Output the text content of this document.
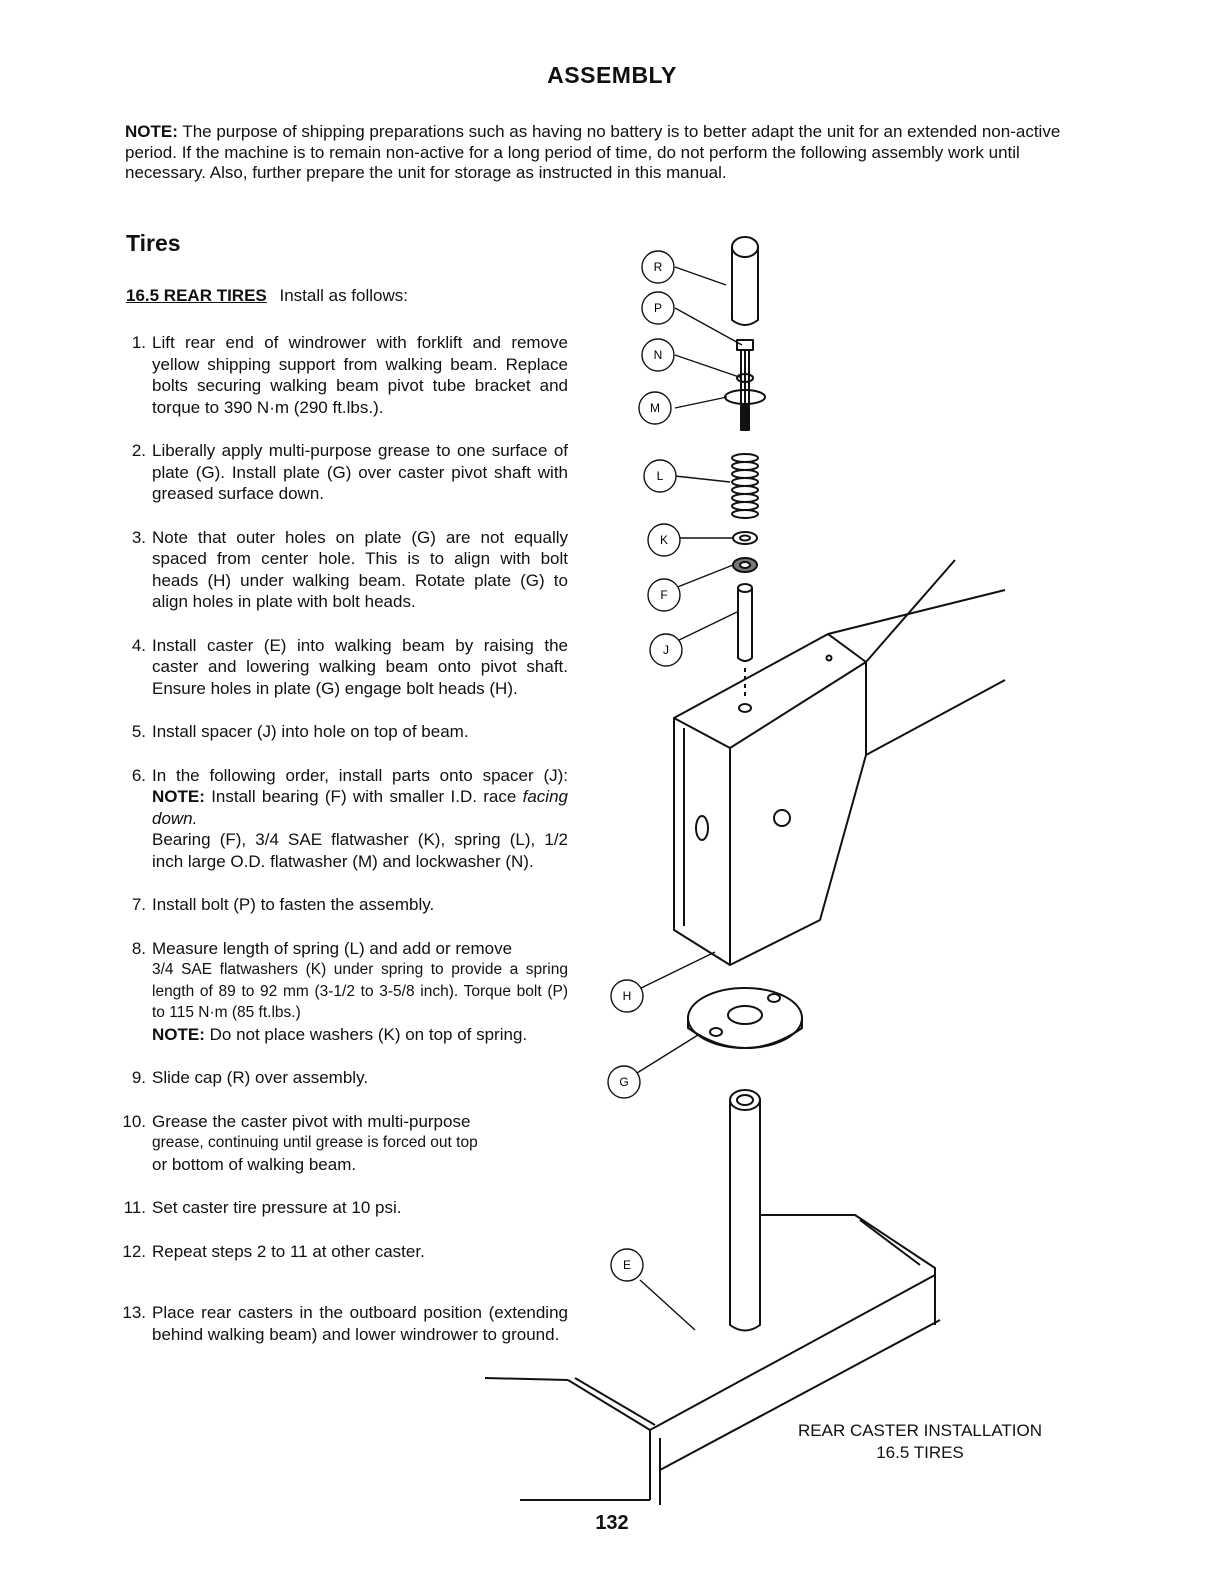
ASSEMBLY
NOTE: The purpose of shipping preparations such as having no battery is to better adapt the unit for an extended non-active period. If the machine is to remain non-active for a long period of time, do not perform the following assembly work until necessary. Also, further prepare the unit for storage as instructed in this manual.
Tires
16.5 REAR TIRES Install as follows:
1. Lift rear end of windrower with forklift and remove yellow shipping support from walking beam. Replace bolts securing walking beam pivot tube bracket and torque to 390 N·m (290 ft.lbs.).
2. Liberally apply multi-purpose grease to one surface of plate (G). Install plate (G) over caster pivot shaft with greased surface down.
3. Note that outer holes on plate (G) are not equally spaced from center hole. This is to align with bolt heads (H) under walking beam. Rotate plate (G) to align holes in plate with bolt heads.
4. Install caster (E) into walking beam by raising the caster and lowering walking beam onto pivot shaft. Ensure holes in plate (G) engage bolt heads (H).
5. Install spacer (J) into hole on top of beam.
6. In the following order, install parts onto spacer (J): NOTE: Install bearing (F) with smaller I.D. race facing down.
Bearing (F), 3/4 SAE flatwasher (K), spring (L), 1/2 inch large O.D. flatwasher (M) and lockwasher (N).
7. Install bolt (P) to fasten the assembly.
8. Measure length of spring (L) and add or remove
3/4 SAE flatwashers (K) under spring to provide a spring length of 89 to 92 mm (3-1/2 to 3-5/8 inch). Torque bolt (P) to 115 N·m (85 ft.lbs.)
NOTE: Do not place washers (K) on top of spring.
9. Slide cap (R) over assembly.
10. Grease the caster pivot with multi-purpose
grease, continuing until grease is forced out top
or bottom of walking beam.
11. Set caster tire pressure at 10 psi.
12. Repeat steps 2 to 11 at other caster.
13. Place rear casters in the outboard position (extending behind walking beam) and lower windrower to ground.
R
P
N
M
L
K
F
J
H
G
E
REAR CASTER INSTALLATION
16.5 TIRES
132
